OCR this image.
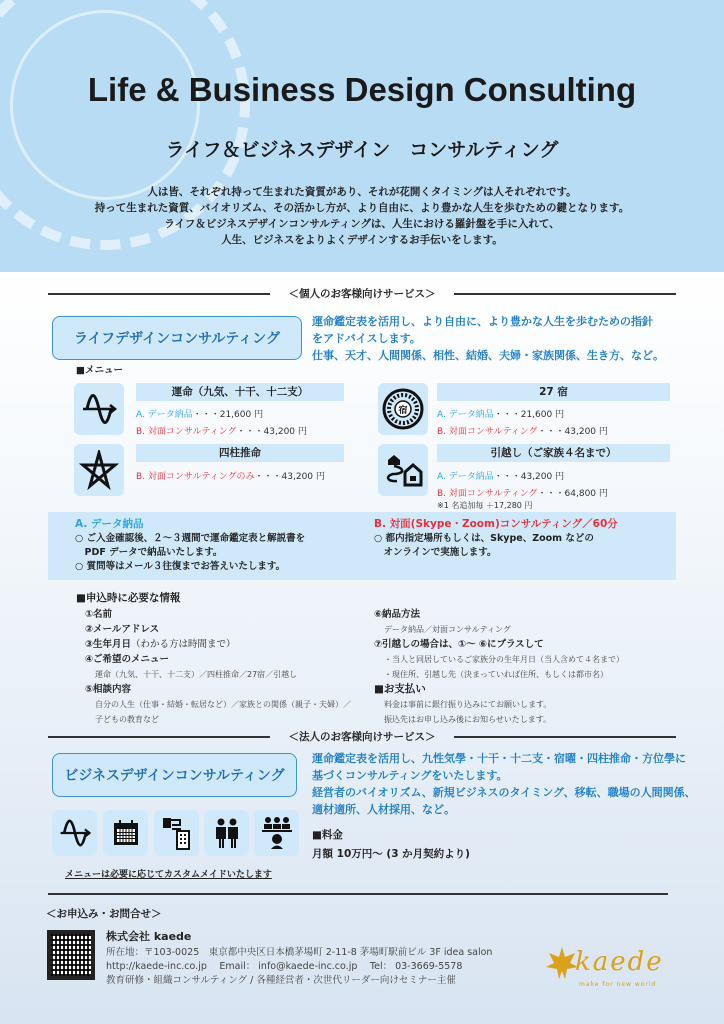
Life & Business Design Consulting
ライフ＆ビジネスデザイン　コンサルティング
人は皆、それぞれ持って生まれた資質があり、それが花開くタイミングは人それぞれです。
持って生まれた資質、バイオリズム、その活かし方が、より自由に、より豊かな人生を歩むための鍵となります。
ライフ＆ビジネスデザインコンサルティングは、人生における羅針盤を手に入れて、
人生、ビジネスをよりよくデザインするお手伝いをします。
＜個人のお客様向けサービス＞
ライフデザインコンサルティング
運命鑑定表を活用し、より自由に、より豊かな人生を歩むための指針
をアドバイスします。
仕事、天才、人間関係、相性、結婚、夫婦・家族関係、生き方、など。
■メニュー
運命（九気、十干、十二支）
A. データ納品・・・21,600 円
B. 対面コンサルティング・・・43,200 円
宿
27 宿
A. データ納品・・・21,600 円
B. 対面コンサルティング・・・43,200 円
四柱推命
B. 対面コンサルティングのみ・・・43,200 円
引越し（ご家族４名まで）
A. データ納品・・・43,200 円
B. 対面コンサルティング・・・64,800 円
※1 名追加毎 ＋17,280 円
A. データ納品
○ ご入金確認後、２～３週間で運命鑑定表と解説書を
　PDF データで納品いたします。
○ 質問等はメール３往復までお答えいたします。
B. 対面(Skype・Zoom)コンサルティング／60分
○ 都内指定場所もしくは、Skype、Zoom などの
　オンラインで実施します。
■申込時に必要な情報
①名前
②メールアドレス
③生年月日（わかる方は時間まで）
④ご希望のメニュー
運命（九気、十干、十二支）／四柱推命／27宿／引越し
⑤相談内容
自分の人生（仕事・結婚・転居など）／家族との関係（親子・夫婦）／
子どもの教育など
⑥納品方法
データ納品／対面コンサルティング
⑦引越しの場合は、①～ ⑥にプラスして
・当人と同居しているご家族分の生年月日（当人含めて４名まで）
・現住所、引越し先（決まっていれば住所、もしくは都市名）
■お支払い
料金は事前に銀行振り込みにてお願いします。
振込先はお申し込み後にお知らせいたします。
＜法人のお客様向けサービス＞
ビジネスデザインコンサルティング
運命鑑定表を活用し、九性気學・十干・十二支・宿曜・四柱推命・方位學に
基づくコンサルティングをいたします。
経営者のバイオリズム、新規ビジネスのタイミング、移転、職場の人間関係、
適材適所、人材採用、など。
メニューは必要に応じてカスタムメイドいたします
■料金
月額 10万円～ (3 か月契約より)
＜お申込み・お問合せ＞
株式会社 kaede
所在地：〒103-0025　東京都中央区日本橋茅場町 2-11-8 茅場町駅前ビル 3F idea salon
http://kaede-inc.co.jp  Email： info@kaede-inc.co.jp  Tel： 03-3669-5578
教育研修・組織コンサルティング / 各種経営者・次世代リーダー向けセミナー主催
kaede
make for new world
